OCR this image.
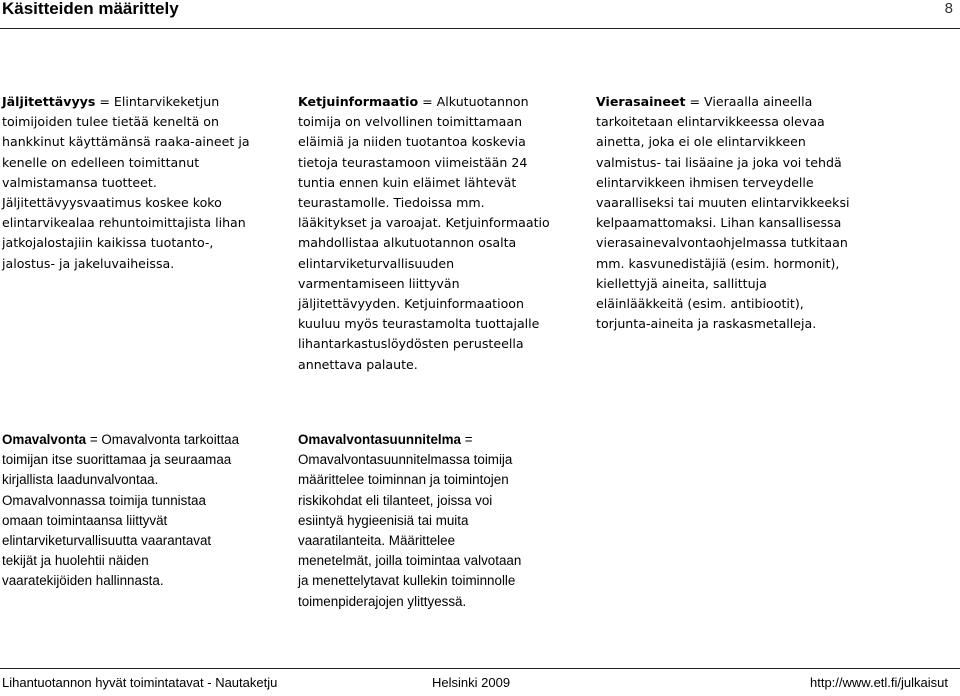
Käsitteiden määrittely	8

Jäljitettävyys = Elintarvikeketjun

toimijoiden tulee tietää keneltä on

hankkinut käyttämänsä raaka-aineet ja

kenelle on edelleen toimittanut

valmistamansa tuotteet.

Jäljitettävyysvaatimus koskee koko

elintarvikealaa rehuntoimittajista lihan

jatkojalostajiin kaikissa tuotanto-,

jalostus- ja jakeluvaiheissa.

Ketjuinformaatio = Alkutuotannon

toimija on velvollinen toimittamaan

eläimiä ja niiden tuotantoa koskevia

tietoja teurastamoon viimeistään 24

tuntia ennen kuin eläimet lähtevät

teurastamolle. Tiedoissa mm.

lääkitykset ja varoajat. Ketjuinformaatio

mahdollistaa alkutuotannon osalta

elintarviketurvallisuuden

varmentamiseen liittyvän

jäljitettävyyden. Ketjuinformaatioon

kuuluu myös teurastamolta tuottajalle

lihantarkastuslöydösten perusteella

annettava palaute.

Vierasaineet = Vieraalla aineella

tarkoitetaan elintarvikkeessa olevaa

ainetta, joka ei ole elintarvikkeen

valmistus- tai lisäaine ja joka voi tehdä

elintarvikkeen ihmisen terveydelle

vaaralliseksi tai muuten elintarvikkeeksi

kelpaamattomaksi. Lihan kansallisessa

vierasainevalvontaohjelmassa tutkitaan

mm. kasvunedistäjiä (esim. hormonit),

kiellettyjä aineita, sallittuja

eläinlääkkeitä (esim. antibiootit),

torjunta-aineita ja raskasmetalleja.

Omavalvonta = Omavalvonta tarkoittaa

toimijan itse suorittamaa ja seuraamaa

kirjallista laadunvalvontaa.

Omavalvonnassa toimija tunnistaa

omaan toimintaansa liittyvät

elintarviketurvallisuutta vaarantavat

tekijät ja huolehtii näiden

vaaratekijöiden hallinnasta.

Omavalvontasuunnitelma =

Omavalvontasuunnitelmassa toimija

määrittelee toiminnan ja toimintojen

riskikohdat eli tilanteet, joissa voi

esiintyä hygieenisiä tai muita

vaaratilanteita. Määrittelee

menetelmät, joilla toimintaa valvotaan

ja menettelytavat kullekin toiminnolle

toimenpiderajojen ylittyessä.

Lihantuotannon hyvät toimintatavat - Nautaketju	Helsinki 2009	http://www.etl.fi/julkaisut
